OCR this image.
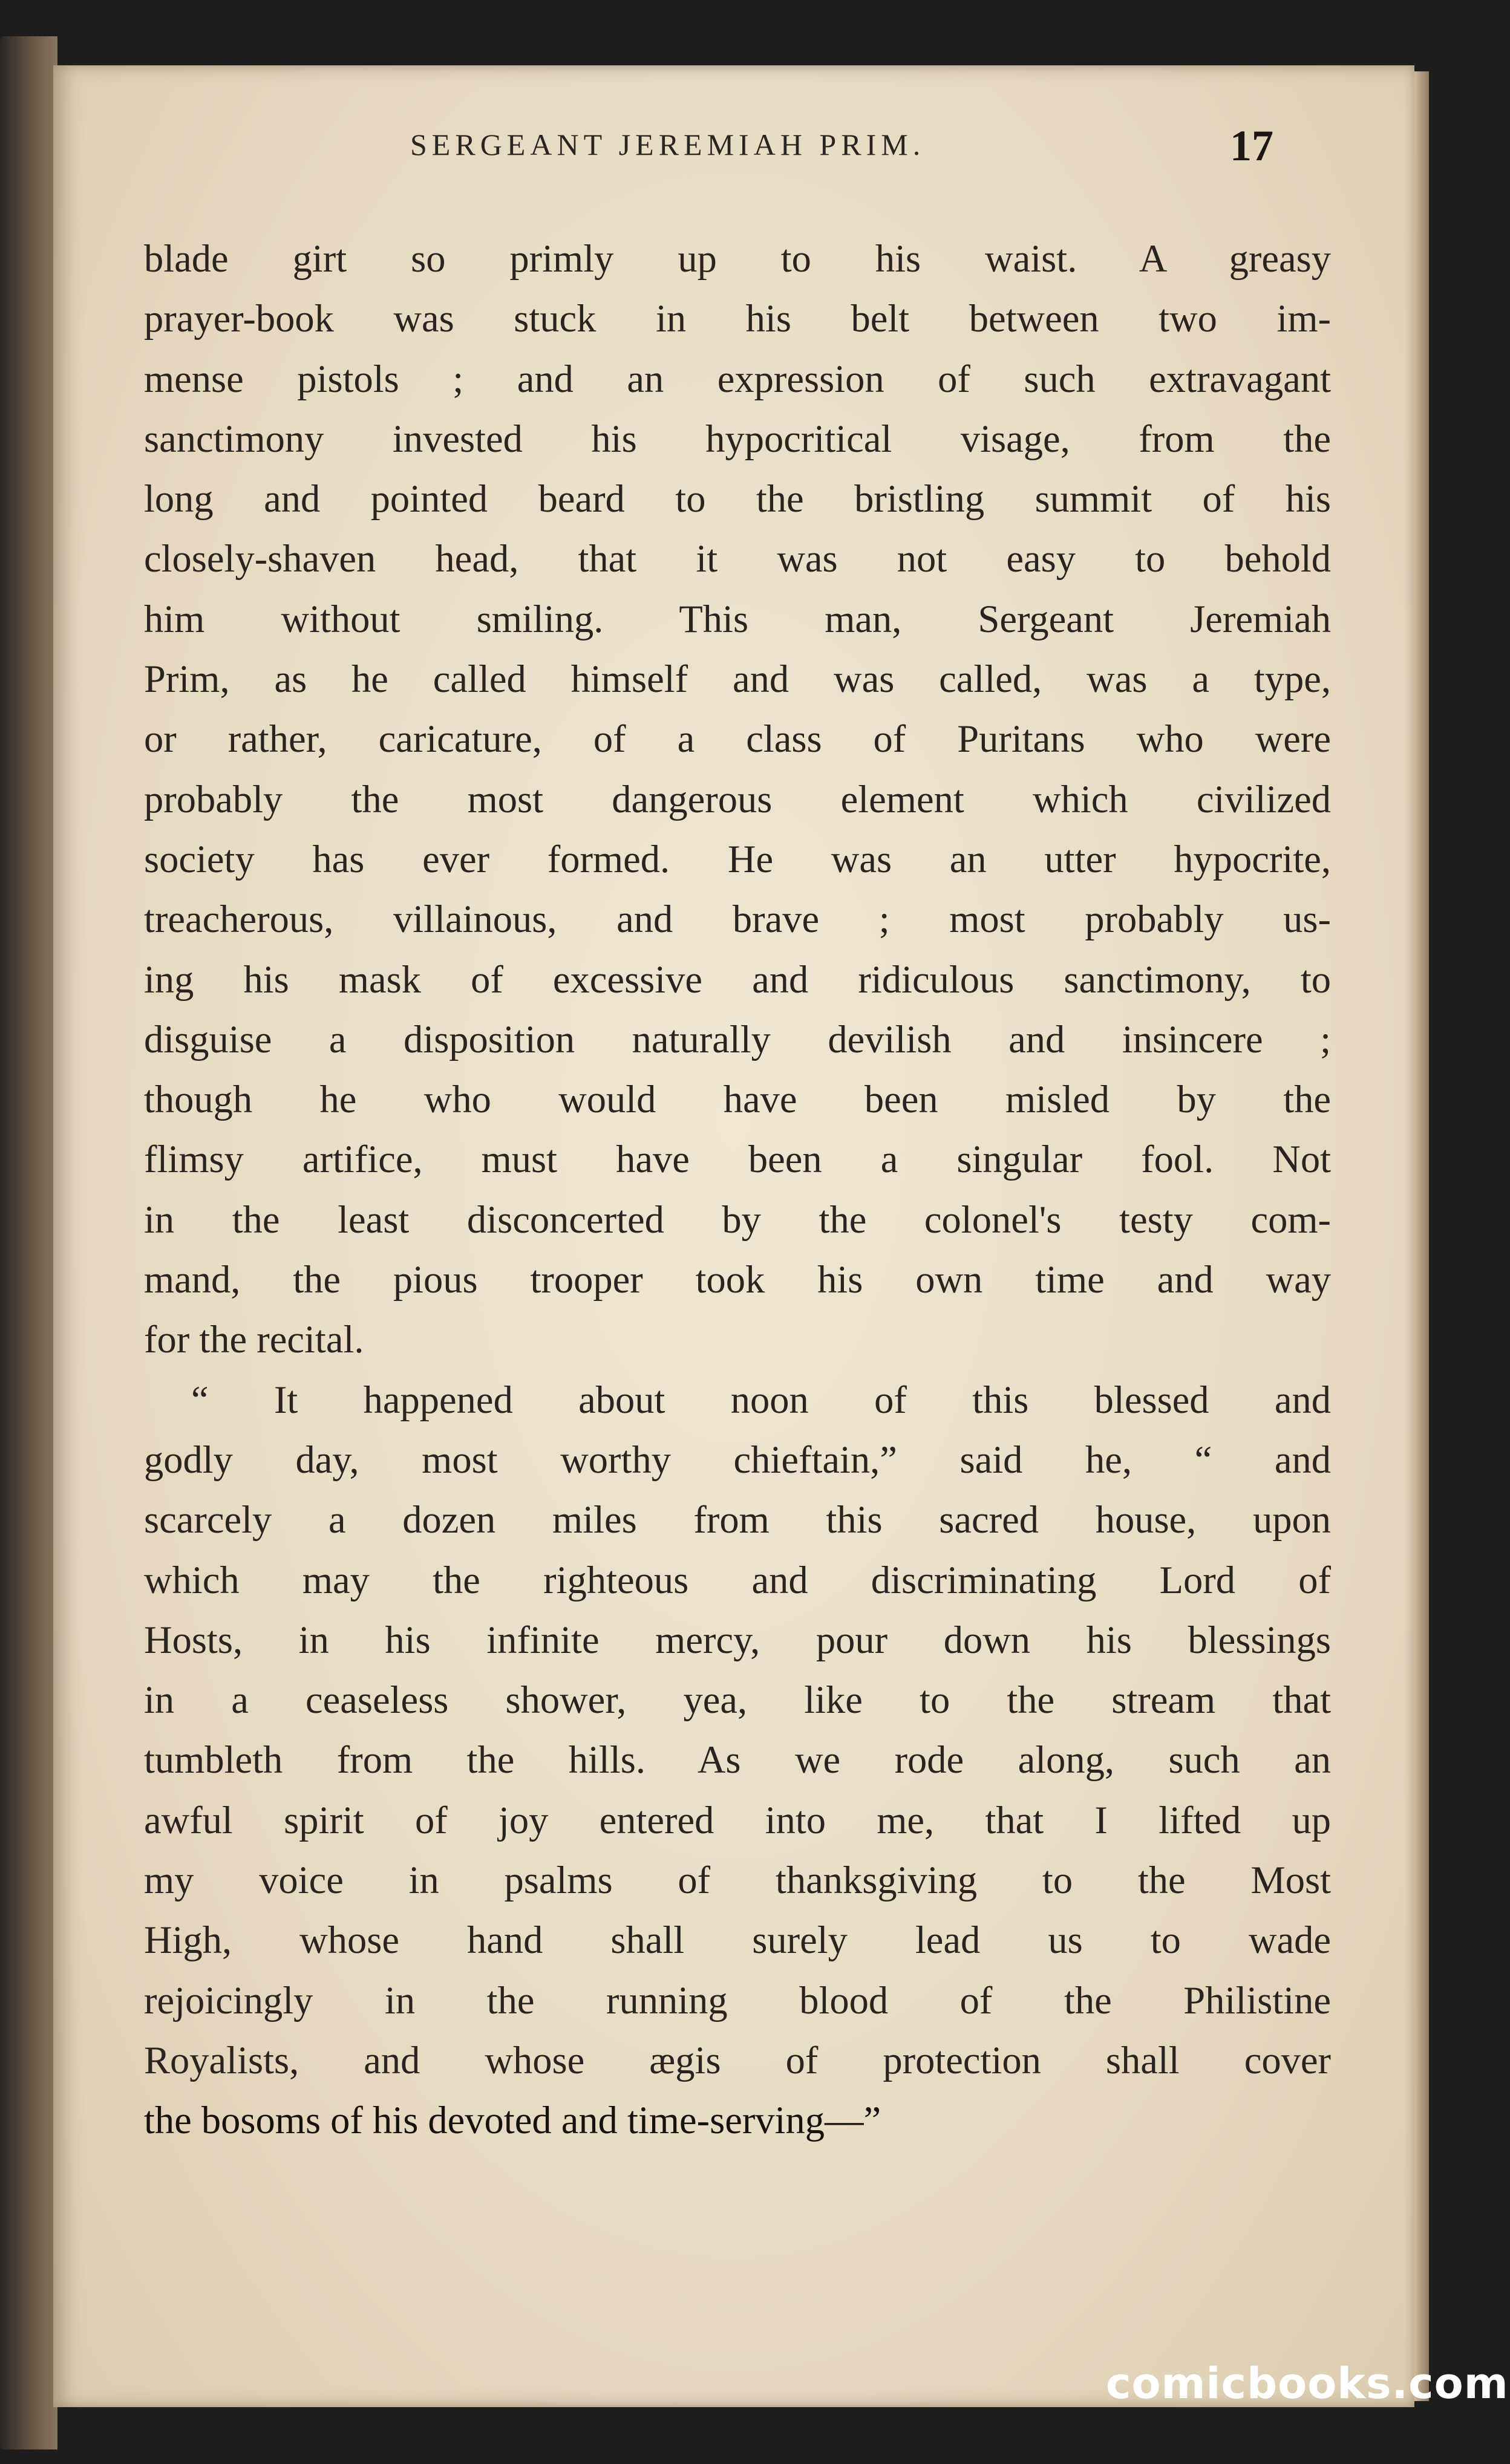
SERGEANT JEREMIAH PRIM.	17
blade girt so primly up to his waist. A greasy
prayer-book was stuck in his belt between two im-
mense pistols ; and an expression of such extravagant
sanctimony invested his hypocritical visage, from the
long and pointed beard to the bristling summit of his
closely-shaven head, that it was not easy to behold
him without smiling. This man, Sergeant Jeremiah
Prim, as he called himself and was called, was a type,
or rather, caricature, of a class of Puritans who were
probably the most dangerous element which civilized
society has ever formed. He was an utter hypocrite,
treacherous, villainous, and brave ; most probably us-
ing his mask of excessive and ridiculous sanctimony, to
disguise a disposition naturally devilish and insincere ;
though he who would have been misled by the
flimsy artifice, must have been a singular fool. Not
in the least disconcerted by the colonel's testy com-
mand, the pious trooper took his own time and way
for the recital.
“ It happened about noon of this blessed and
godly day, most worthy chieftain,” said he, “ and
scarcely a dozen miles from this sacred house, upon
which may the righteous and discriminating Lord of
Hosts, in his infinite mercy, pour down his blessings
in a ceaseless shower, yea, like to the stream that
tumbleth from the hills. As we rode along, such an
awful spirit of joy entered into me, that I lifted up
my voice in psalms of thanksgiving to the Most
High, whose hand shall surely lead us to wade
rejoicingly in the running blood of the Philistine
Royalists, and whose ægis of protection shall cover
the bosoms of his devoted and time-serving—”
comicbooks.com
